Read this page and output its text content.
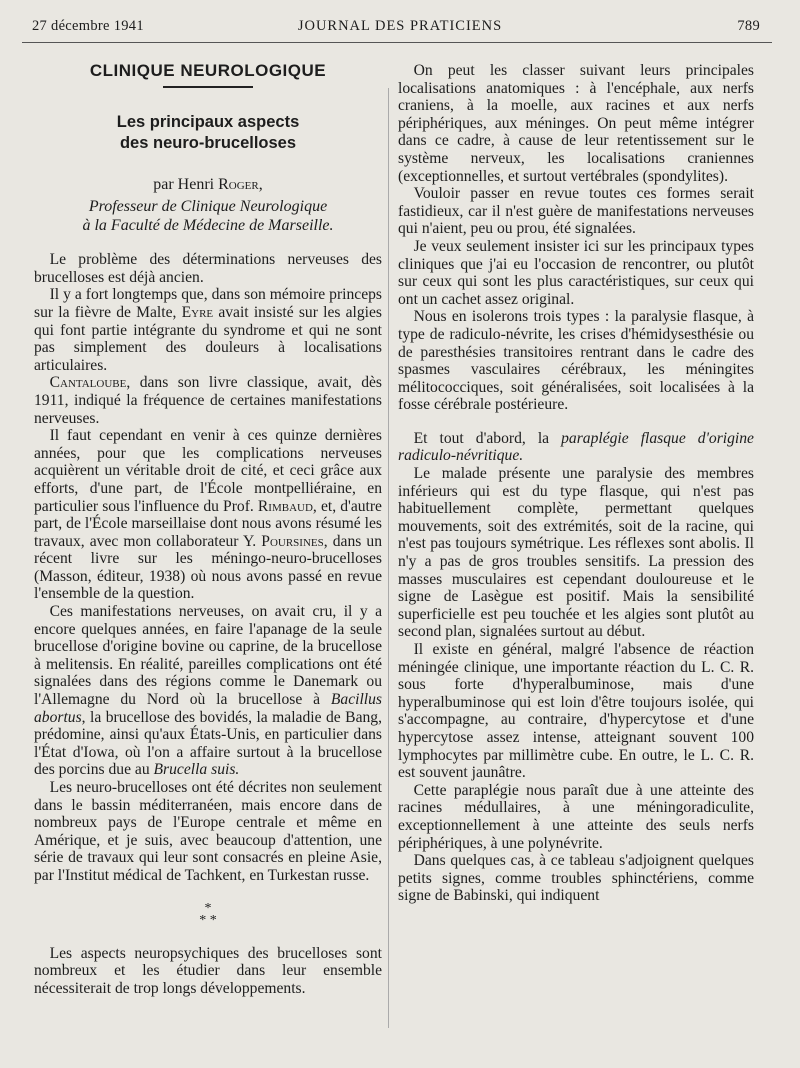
27 décembre 1941	JOURNAL DES PRATICIENS	789
CLINIQUE NEUROLOGIQUE
Les principaux aspects
des neuro-brucelloses

par Henri Roger,

Professeur de Clinique Neurologique
à la Faculté de Médecine de Marseille.

 Le problème des déterminations nerveuses des brucelloses est déjà ancien.

 Il y a fort longtemps que, dans son mémoire princeps sur la fièvre de Malte, Eyre avait insisté sur les algies qui font partie intégrante du syndrome et qui ne sont pas simplement des douleurs à localisations articulaires.

 Cantaloube, dans son livre classique, avait, dès 1911, indiqué la fréquence de certaines manifestations nerveuses.

 Il faut cependant en venir à ces quinze dernières années, pour que les complications nerveuses acquièrent un véritable droit de cité, et ceci grâce aux efforts, d'une part, de l'École montpelliéraine, en particulier sous l'influence du Prof. Rimbaud, et, d'autre part, de l'École marseillaise dont nous avons résumé les travaux, avec mon collaborateur Y. Poursines, dans un récent livre sur les méningo-neuro-brucelloses (Masson, éditeur, 1938) où nous avons passé en revue l'ensemble de la question.

 Ces manifestations nerveuses, on avait cru, il y a encore quelques années, en faire l'apanage de la seule brucellose d'origine bovine ou caprine, de la brucellose à melitensis. En réalité, pareilles complications ont été signalées dans des régions comme le Danemark ou l'Allemagne du Nord où la brucellose à Bacillus abortus, la brucellose des bovidés, la maladie de Bang, prédomine, ainsi qu'aux États-Unis, en particulier dans l'État d'Iowa, où l'on a affaire surtout à la brucellose des porcins due au Brucella suis.

 Les neuro-brucelloses ont été décrites non seulement dans le bassin méditerranéen, mais encore dans de nombreux pays de l'Europe centrale et même en Amérique, et je suis, avec beaucoup d'attention, une série de travaux qui leur sont consacrés en pleine Asie, par l'Institut médical de Tachkent, en Turkestan russe.

*
* *

 Les aspects neuropsychiques des brucelloses sont nombreux et les étudier dans leur ensemble nécessiterait de trop longs développements.

 On peut les classer suivant leurs principales localisations anatomiques : à l'encéphale, aux nerfs craniens, à la moelle, aux racines et aux nerfs périphériques, aux méninges. On peut même intégrer dans ce cadre, à cause de leur retentissement sur le système nerveux, les localisations craniennes (exceptionnelles, et surtout vertébrales (spondylites).

 Vouloir passer en revue toutes ces formes serait fastidieux, car il n'est guère de manifestations nerveuses qui n'aient, peu ou prou, été signalées.

 Je veux seulement insister ici sur les principaux types cliniques que j'ai eu l'occasion de rencontrer, ou plutôt sur ceux qui sont les plus caractéristiques, sur ceux qui ont un cachet assez original.

 Nous en isolerons trois types : la paralysie flasque, à type de radiculo-névrite, les crises d'hémidysesthésie ou de paresthésies transitoires rentrant dans le cadre des spasmes vasculaires cérébraux, les méningites mélitococciques, soit généralisées, soit localisées à la fosse cérébrale postérieure.

 Et tout d'abord, la paraplégie flasque d'origine radiculo-névritique.

 Le malade présente une paralysie des membres inférieurs qui est du type flasque, qui n'est pas habituellement complète, permettant quelques mouvements, soit des extrémités, soit de la racine, qui n'est pas toujours symétrique. Les réflexes sont abolis. Il n'y a pas de gros troubles sensitifs. La pression des masses musculaires est cependant douloureuse et le signe de Lasègue est positif. Mais la sensibilité superficielle est peu touchée et les algies sont plutôt au second plan, signalées surtout au début.

 Il existe en général, malgré l'absence de réaction méningée clinique, une importante réaction du L. C. R. sous forte d'hyperalbuminose, mais d'une hyperalbuminose qui est loin d'être toujours isolée, qui s'accompagne, au contraire, d'hypercytose et d'une hypercytose assez intense, atteignant souvent 100 lymphocytes par millimètre cube. En outre, le L. C. R. est souvent jaunâtre.

 Cette paraplégie nous paraît due à une atteinte des racines médullaires, à une méningoradiculite, exceptionnellement à une atteinte des seuls nerfs périphériques, à une polynévrite.

 Dans quelques cas, à ce tableau s'adjoignent quelques petits signes, comme troubles sphinctériens, comme signe de Babinski, qui indiquent
